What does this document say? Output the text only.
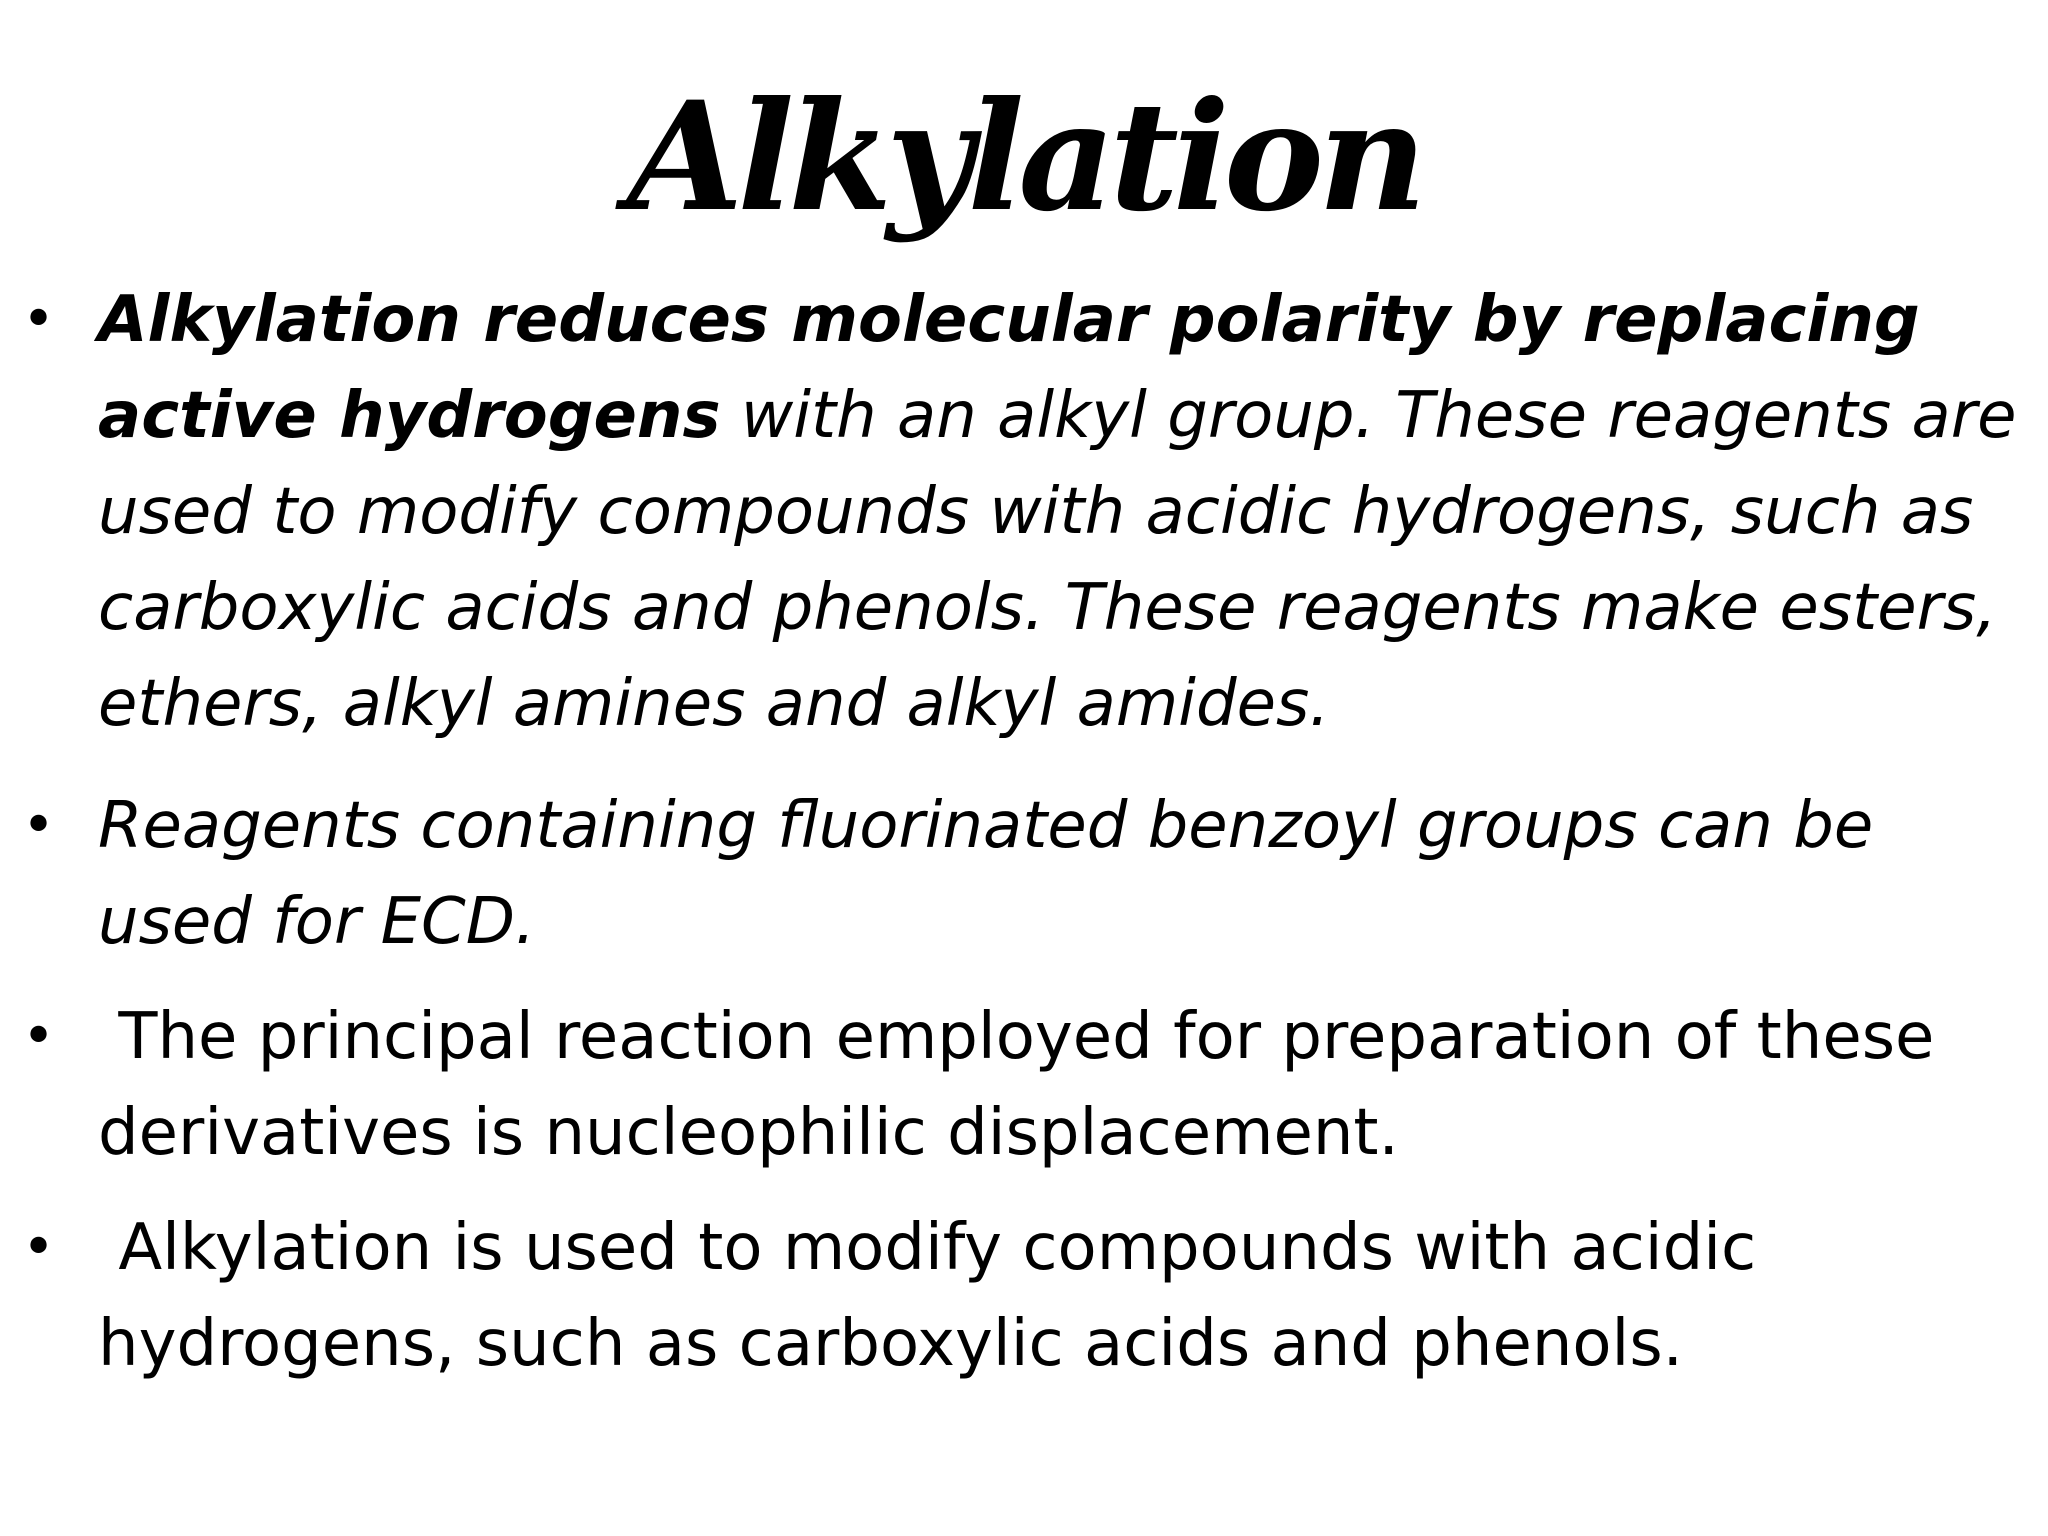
Alkylation
• Alkylation reduces molecular polarity by replacing active hydrogens with an alkyl group. These reagents are used to modify compounds with acidic hydrogens, such as carboxylic acids and phenols. These reagents make esters, ethers, alkyl amines and alkyl amides.
• Reagents containing fluorinated benzoyl groups can be used for ECD.
• The principal reaction employed for preparation of these derivatives is nucleophilic displacement.
• Alkylation is used to modify compounds with acidic hydrogens, such as carboxylic acids and phenols.
